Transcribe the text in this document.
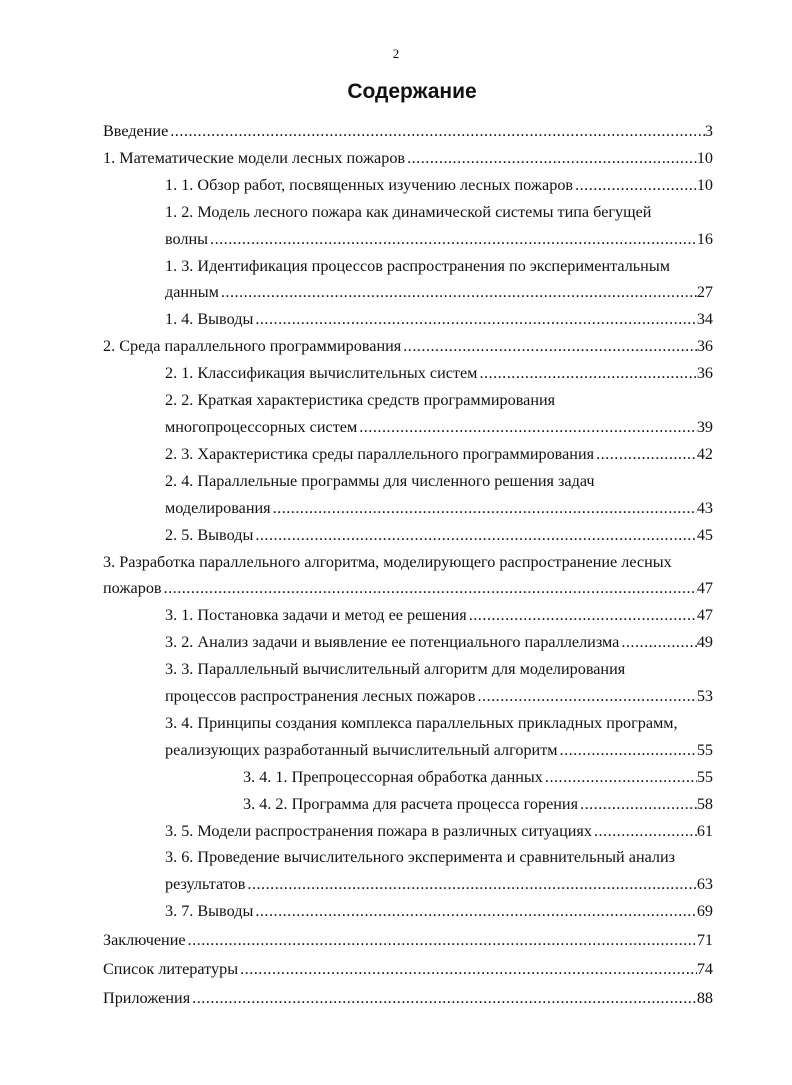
2
Содержание
Введение .....	3
1. Математические модели лесных пожаров .....	10
1. 1. Обзор работ, посвященных изучению лесных пожаров .....	10
1. 2. Модель лесного пожара как динамической системы типа бегущей
волны .....	16
1. 3. Идентификация процессов распространения по экспериментальным
данным .....	27
1. 4. Выводы .....	34
2. Среда параллельного программирования .....	36
2. 1. Классификация вычислительных систем .....	36
2. 2. Краткая характеристика средств программирования
многопроцессорных систем .....	39
2. 3. Характеристика среды параллельного программирования .....	42
2. 4. Параллельные программы для численного решения задач
моделирования .....	43
2. 5. Выводы .....	45
3. Разработка параллельного алгоритма, моделирующего распространение лесных
пожаров .....	47
3. 1. Постановка задачи и метод ее решения .....	47
3. 2. Анализ задачи и выявление ее потенциального параллелизма .....	49
3. 3. Параллельный вычислительный алгоритм для моделирования
процессов распространения лесных пожаров .....	53
3. 4. Принципы создания комплекса параллельных прикладных программ,
реализующих разработанный вычислительный алгоритм .....	55
3. 4. 1. Препроцессорная обработка данных .....	55
3. 4. 2. Программа для расчета процесса горения .....	58
3. 5. Модели распространения пожара в различных ситуациях .....	61
3. 6. Проведение вычислительного эксперимента и сравнительный анализ
результатов .....	63
3. 7. Выводы .....	69
Заключение .....	71
Список литературы .....	74
Приложения .....	88
